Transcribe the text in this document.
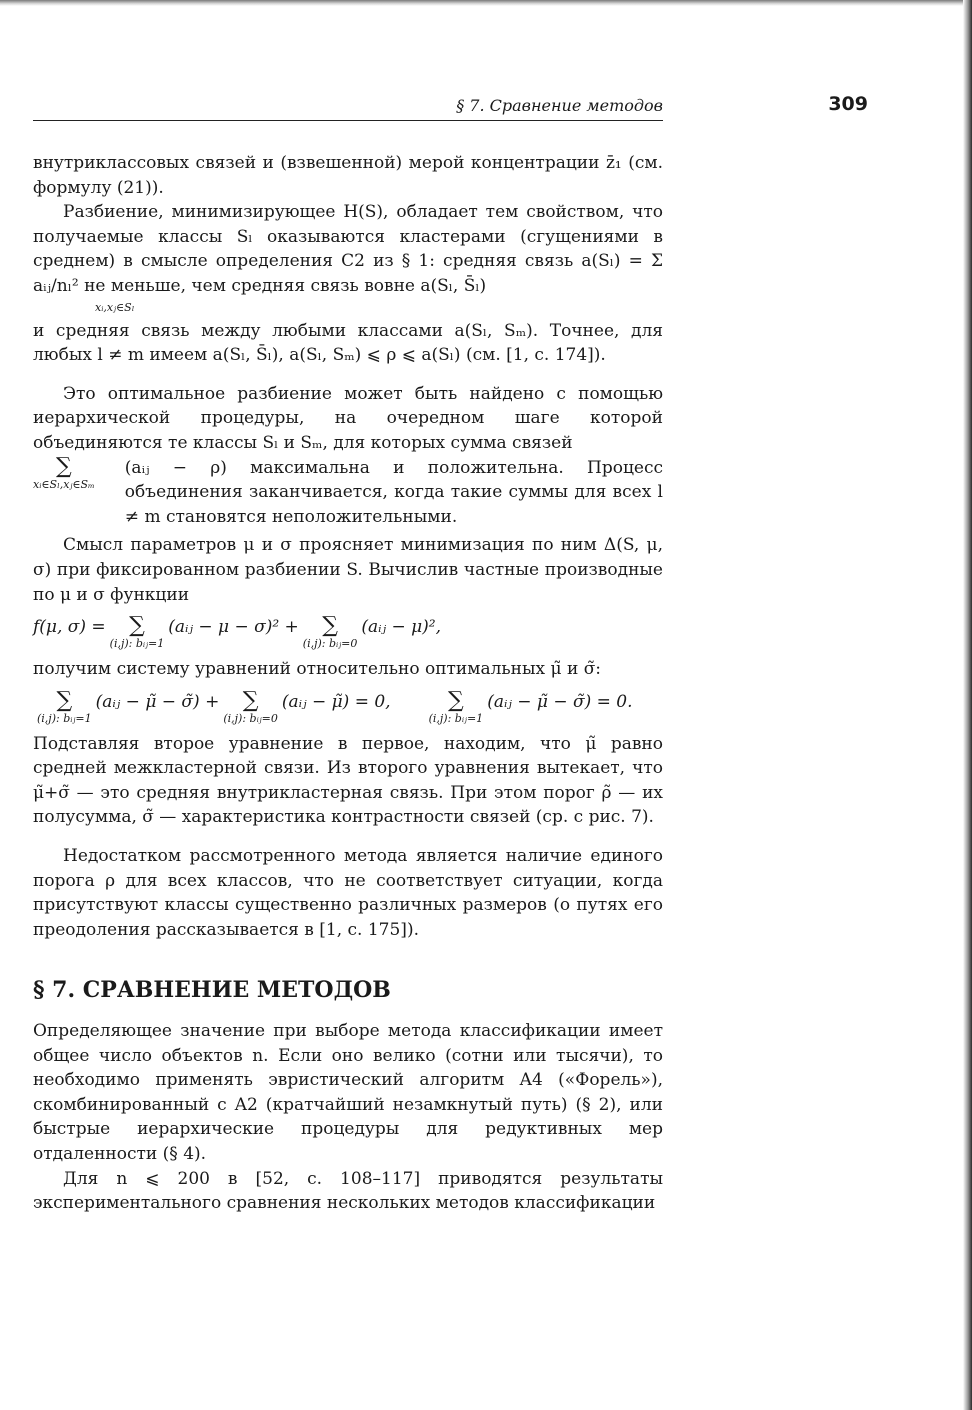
§ 7. Сравнение методов	309

внутриклассовых связей и (взвешенной) мерой концентрации z̄₁ (см. формулу (21)).

Разбиение, минимизирующее H(S), обладает тем свойством, что получаемые классы Sₗ оказываются кластерами (сгущениями в среднем) в смысле определения C2 из § 1: средняя связь a(Sₗ) = Σ aᵢⱼ/nₗ² не меньше, чем средняя связь вовне a(Sₗ, S̄ₗ)

xᵢ,xⱼ∈Sₗ

и средняя связь между любыми классами a(Sₗ, Sₘ). Точнее, для любых l ≠ m имеем a(Sₗ, S̄ₗ), a(Sₗ, Sₘ) ⩽ ρ ⩽ a(Sₗ) (см. [1, с. 174]).

Это оптимальное разбиение может быть найдено с помощью иерархической процедуры, на очередном шаге которой объединяются те классы Sₗ и Sₘ, для которых сумма связей

∑
xᵢ∈Sₗ,xⱼ∈Sₘ

(aᵢⱼ − ρ) максимальна и положительна. Процесс объединения заканчивается, когда такие суммы для всех l ≠ m становятся неположительными.

Смысл параметров μ и σ проясняет минимизация по ним Δ(S, μ, σ) при фиксированном разбиении S. Вычислив частные производные по μ и σ функции

f(μ, σ) = ∑
(i,j): bᵢⱼ=1
(aᵢⱼ − μ − σ)² + ∑
(i,j): bᵢⱼ=0
(aᵢⱼ − μ)²,

получим систему уравнений относительно оптимальных μ̃ и σ̃:

∑
(i,j): bᵢⱼ=1
(aᵢⱼ − μ̃ − σ̃) + ∑
(i,j): bᵢⱼ=0
(aᵢⱼ − μ̃) = 0,	∑
(i,j): bᵢⱼ=1
(aᵢⱼ − μ̃ − σ̃) = 0.

Подставляя второе уравнение в первое, находим, что μ̃ равно средней межкластерной связи. Из второго уравнения вытекает, что μ̃+σ̃ — это средняя внутрикластерная связь. При этом порог ρ̃ — их полусумма, σ̃ — характеристика контрастности связей (ср. с рис. 7).

Недостатком рассмотренного метода является наличие единого порога ρ для всех классов, что не соответствует ситуации, когда присутствуют классы существенно различных размеров (о путях его преодоления рассказывается в [1, с. 175]).

§ 7. СРАВНЕНИЕ МЕТОДОВ

Определяющее значение при выборе метода классификации имеет общее число объектов n. Если оно велико (сотни или тысячи), то необходимо применять эвристический алгоритм A4 («Форель»), скомбинированный с A2 (кратчайший незамкнутый путь) (§ 2), или быстрые иерархические процедуры для редуктивных мер отдаленности (§ 4).

Для n ⩽ 200 в [52, с. 108–117] приводятся результаты экспериментального сравнения нескольких методов классификации
